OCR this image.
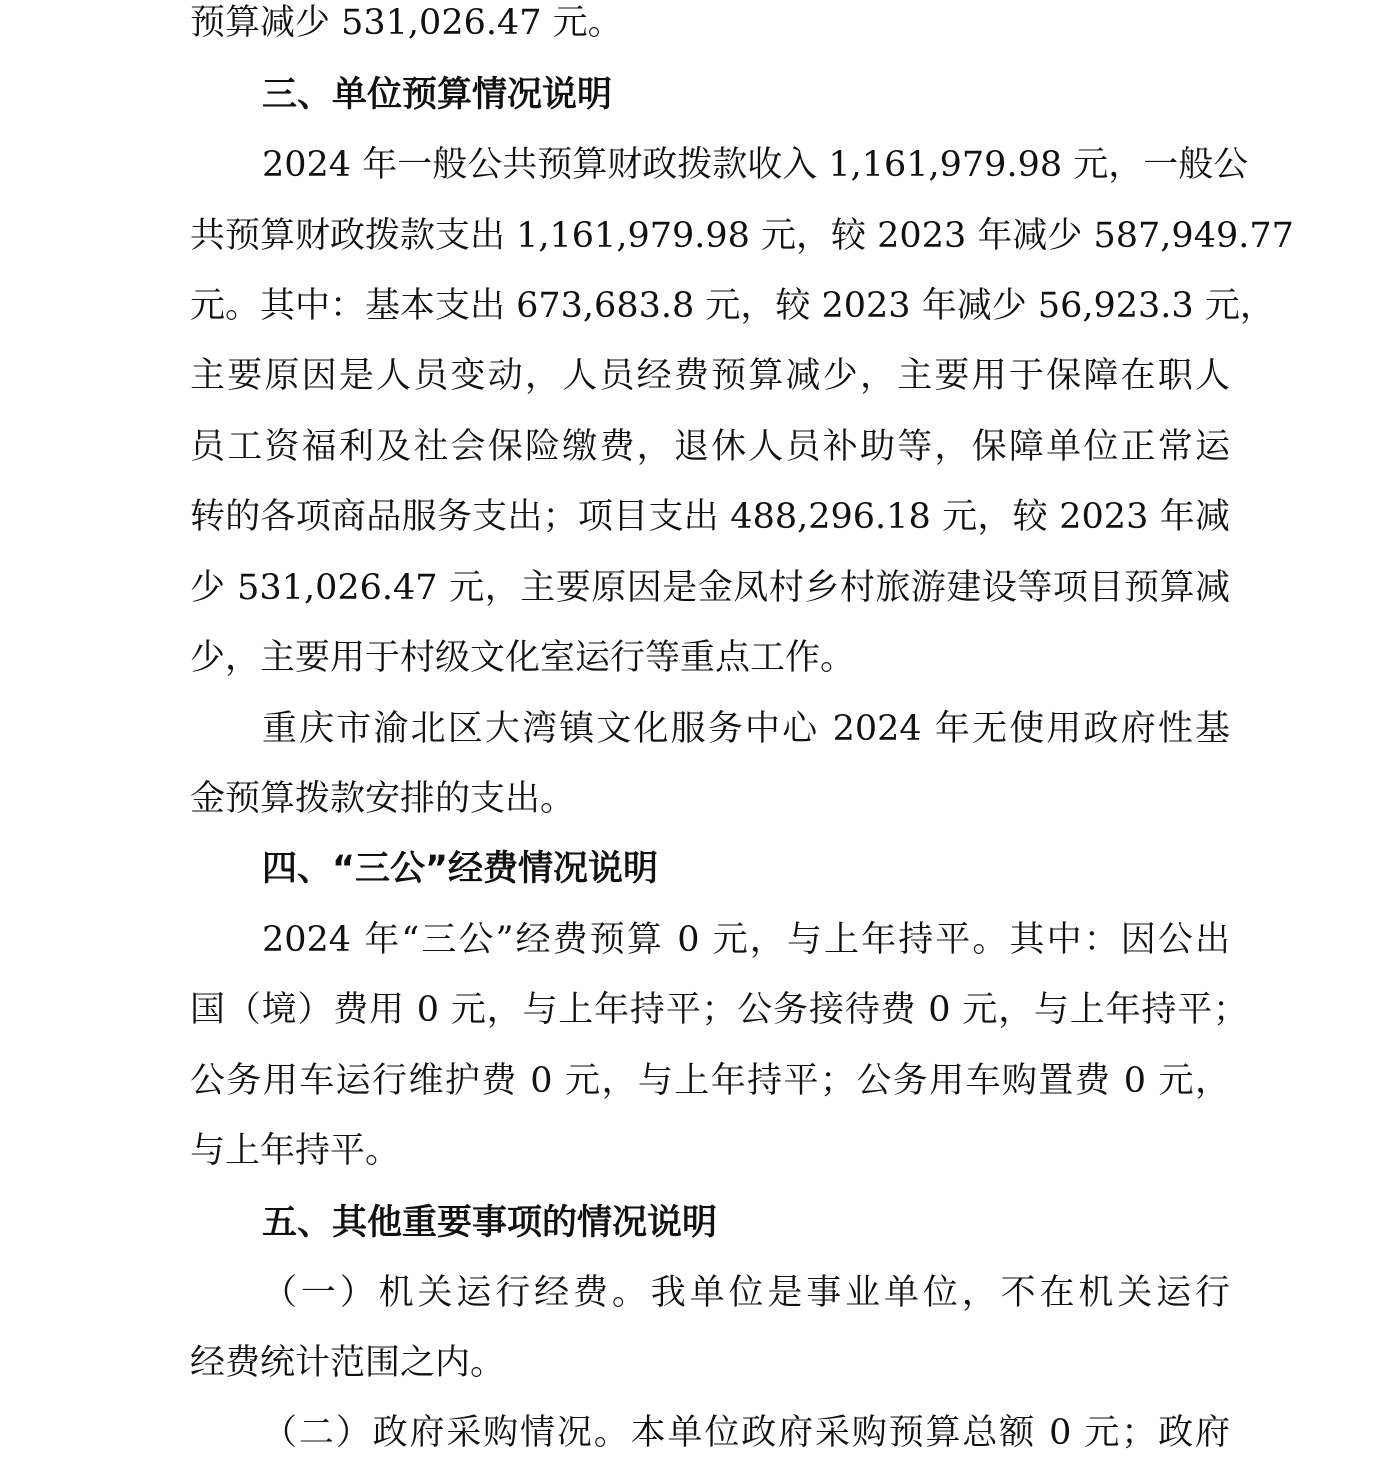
预算减少 531,026.47 元。
三、单位预算情况说明
2024 年一般公共预算财政拨款收入 1,161,979.98 元，一般公
共预算财政拨款支出 1,161,979.98 元，较 2023 年减少 587,949.77
元。其中：基本支出 673,683.8 元，较 2023 年减少 56,923.3 元，
主要原因是人员变动，人员经费预算减少，主要用于保障在职人
员工资福利及社会保险缴费，退休人员补助等，保障单位正常运
转的各项商品服务支出；项目支出 488,296.18 元，较 2023 年减
少 531,026.47 元，主要原因是金凤村乡村旅游建设等项目预算减
少，主要用于村级文化室运行等重点工作。
重庆市渝北区大湾镇文化服务中心 2024 年无使用政府性基
金预算拨款安排的支出。
四、“三公”经费情况说明
2024 年“三公”经费预算 0 元，与上年持平。其中：因公出
国（境）费用 0 元，与上年持平；公务接待费 0 元，与上年持平；
公务用车运行维护费 0 元，与上年持平；公务用车购置费 0 元，
与上年持平。
五、其他重要事项的情况说明
（一）机关运行经费。我单位是事业单位，不在机关运行
经费统计范围之内。
（二）政府采购情况。本单位政府采购预算总额 0 元；政府
